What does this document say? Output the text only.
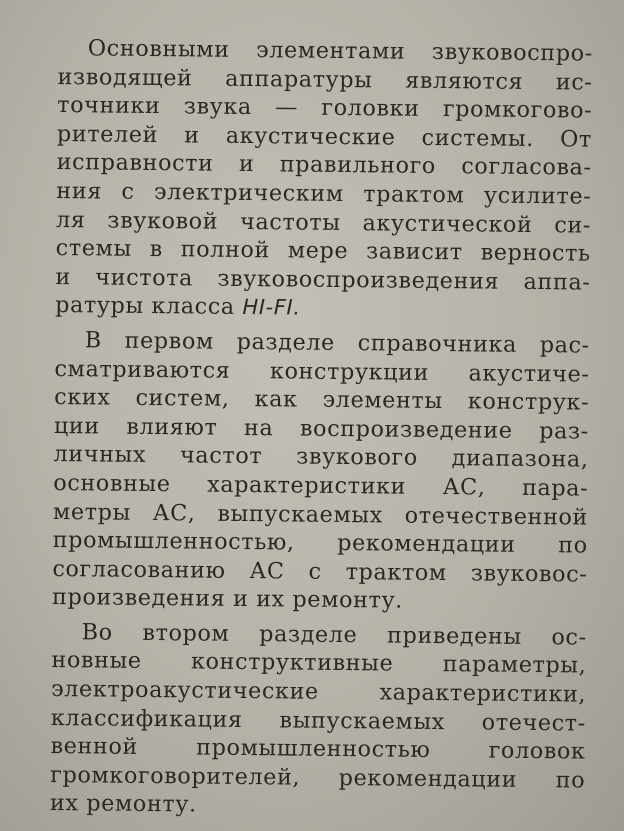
Основными элементами звуковоспро-
изводящей аппаратуры являются ис-
точники звука — головки громкогово-
рителей и акустические системы. От
исправности и правильного согласова-
ния с электрическим трактом усилите-
ля звуковой частоты акустической си-
стемы в полной мере зависит верность
и чистота звуковоспроизведения аппа-
ратуры класса HI-FI.
В первом разделе справочника рас-
сматриваются конструкции акустиче-
ских систем, как элементы конструк-
ции влияют на воспроизведение раз-
личных частот звукового диапазона,
основные характеристики АС, пара-
метры АС, выпускаемых отечественной
промышленностью, рекомендации по
согласованию АС с трактом звуковос-
произведения и их ремонту.
Во втором разделе приведены ос-
новные конструктивные параметры,
электроакустические характеристики,
классификация выпускаемых отечест-
венной промышленностью головок
громкоговорителей, рекомендации по
их ремонту.
